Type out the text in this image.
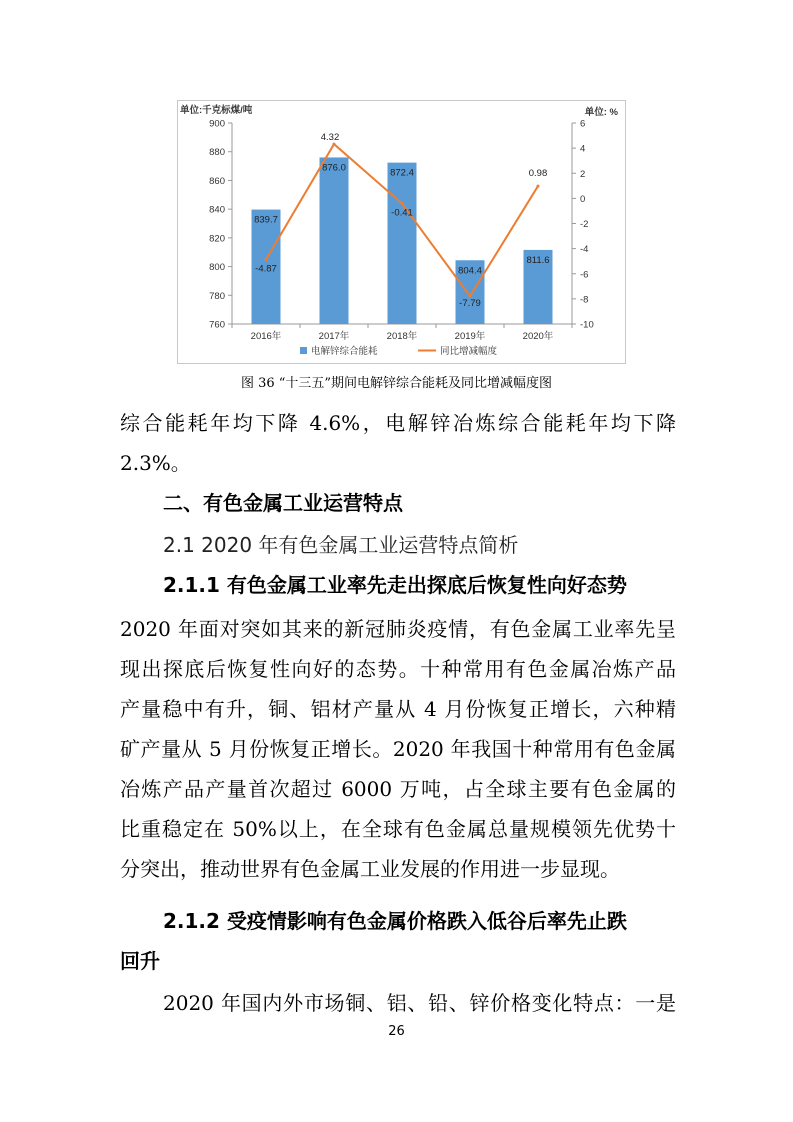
900
880
860
840
820
800
780
760
6
4
2
0
-2
-4
-6
-8
-10
2016年	2017年	2018年	2019年	2020年
单位:千克标煤/吨	单位: %
839.7
876.0	872.4
804.4
811.6
-4.87
4.32
-0.41
-7.79
0.98
电解锌综合能耗	同比增减幅度
图 36 “十三五”期间电解锌综合能耗及同比增减幅度图

综合能耗年均下降 4.6%，电解锌冶炼综合能耗年均下降
2.3%。

二、有色金属工业运营特点
2.1 2020 年有色金属工业运营特点简析
2.1.1 有色金属工业率先走出探底后恢复性向好态势

2020 年面对突如其来的新冠肺炎疫情，有色金属工业率先呈
现出探底后恢复性向好的态势。十种常用有色金属冶炼产品
产量稳中有升，铜、铝材产量从 4 月份恢复正增长，六种精
矿产量从 5 月份恢复正增长。2020 年我国十种常用有色金属
冶炼产品产量首次超过 6000 万吨，占全球主要有色金属的
比重稳定在 50%以上，在全球有色金属总量规模领先优势十
分突出，推动世界有色金属工业发展的作用进一步显现。

2.1.2 受疫情影响有色金属价格跌入低谷后率先止跌
回升

2020 年国内外市场铜、铝、铅、锌价格变化特点：一是

26
